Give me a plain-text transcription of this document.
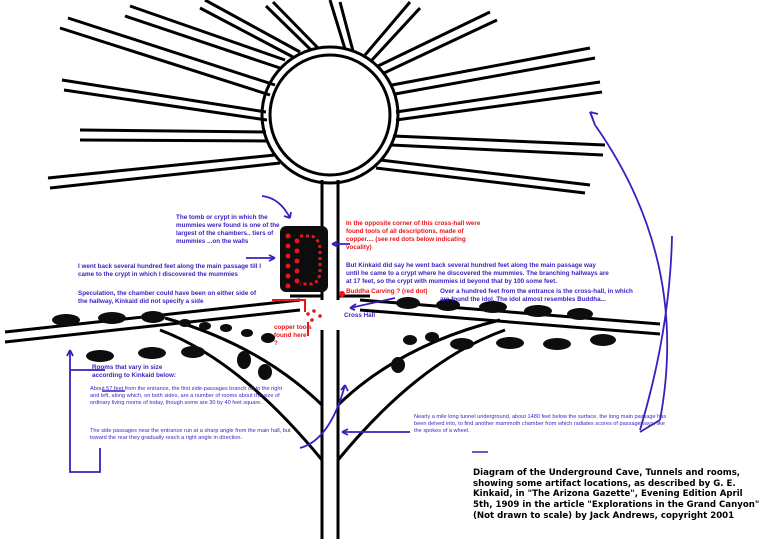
The tomb or crypt in which the mummies were found is one of the largest of the chambers.. tiers of mummies ...on the walls
In the opposite corner of this cross-hall were found tools of all descriptions, made of copper.... (see red dots below indicating vocality)
I went back several hundred feet along the main passage till I came to the crypt in which I discovered the mummies
But Kinkaid did say he went back several hundred feet along the main passage way until he came to a crypt where he discovered the mummies. The branching hallways are at 17 feet, so the crypt with mummies id beyond that by 100 some feet.
Speculation, the chamber could have been on either side of the hallway, Kinkaid did not specify a side
Buddha Carving ? (red dot)	Over a hundred feet from the entrance is the cross-hall, in which are found the idol. The idol almost resembles Buddha...
Cross Hall
copper tools found here ?
Rooms that vary in size according to Kinkaid below:
About 57 feet from the entrance, the first side-passages branch off to the right and left, along which, on both sides, are a number of rooms about the size of ordinary living rooms of today, though some are 30 by 40 feet square.
The side passages near the entrance run at a sharp angle from the main hall, but toward the rear they gradually reach a right angle in direction.
Nearly a mile long tunnel underground, about 1480 feet below the surface, the long main passage has been delved into, to find another mammoth chamber from which radiates scores of passageways, like the spokes of a wheel.
Diagram of the Underground Cave, Tunnels and rooms,
showing some artifact locations, as described by G. E.
Kinkaid, in "The Arizona Gazette", Evening Edition April
5th, 1909 in the article "Explorations in the Grand Canyon"
(Not drawn to scale) by Jack Andrews, copyright 2001
